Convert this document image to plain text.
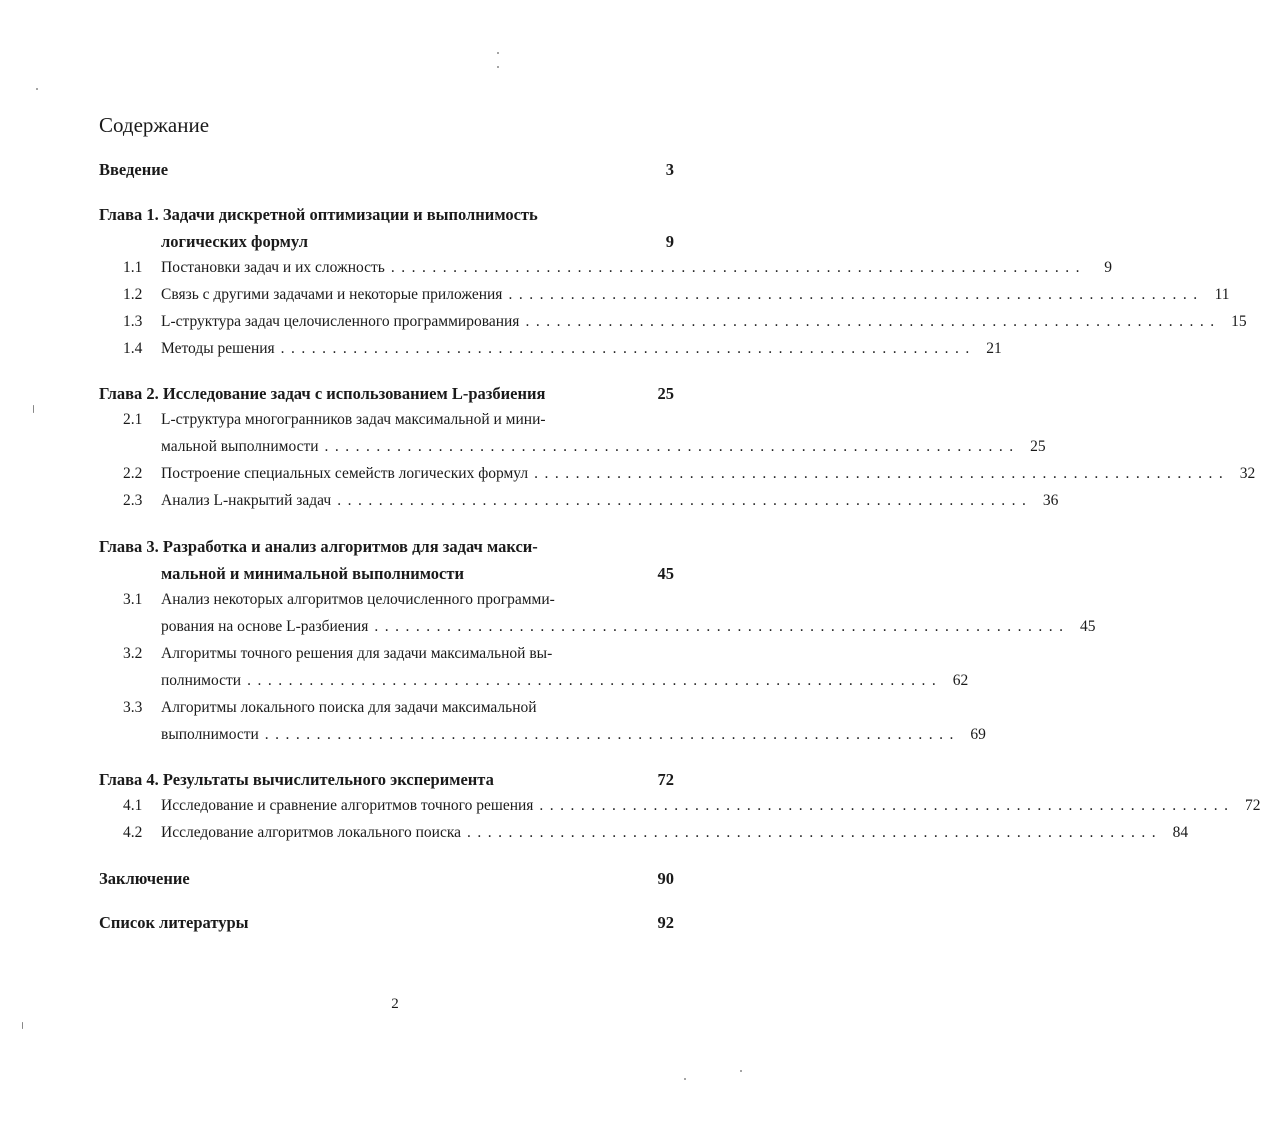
Содержание
Введение	3
Глава 1. Задачи дискретной оптимизации и выполнимость
логических формул	9
1.1	Постановки задач и их сложность ...................................................................	9
1.2	Связь с другими задачами и некоторые приложения ................................................................... 11
1.3	L-структура задач целочисленного программирования ................................................................... 15
1.4	Методы решения ................................................................... 21
Глава 2. Исследование задач с использованием L-разбиения	25
2.1	L-структура многогранников задач максимальной и мини-
мальной выполнимости ................................................................... 25
2.2	Построение специальных семейств логических формул ................................................................... 32
2.3	Анализ L-накрытий задач ................................................................... 36
Глава 3. Разработка и анализ алгоритмов для задач макси-
мальной и минимальной выполнимости	45
3.1	Анализ некоторых алгоритмов целочисленного программи-
рования на основе L-разбиения ................................................................... 45
3.2	Алгоритмы точного решения для задачи максимальной вы-
полнимости ................................................................... 62
3.3	Алгоритмы локального поиска для задачи максимальной
выполнимости ................................................................... 69
Глава 4. Результаты вычислительного эксперимента	72
4.1	Исследование и сравнение алгоритмов точного решения ................................................................... 72
4.2	Исследование алгоритмов локального поиска ................................................................... 84
Заключение	90
Список литературы	92
2
